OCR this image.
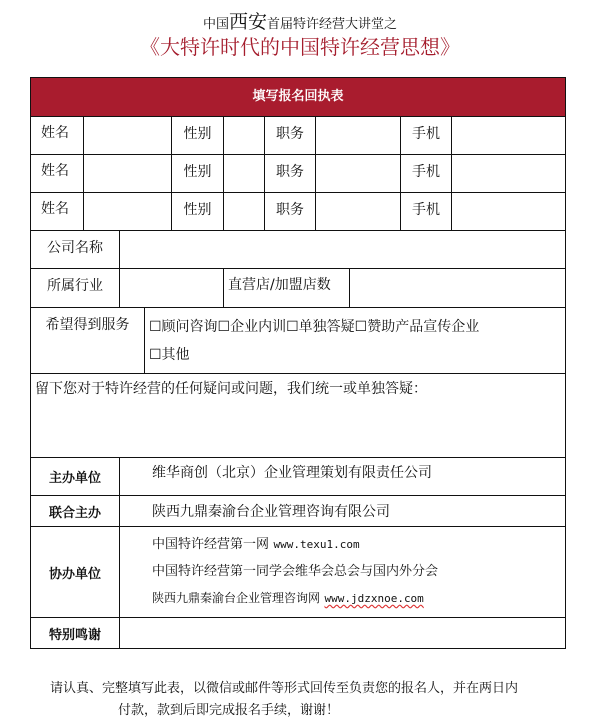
中国西安首届特许经营大讲堂之
《大特许时代的中国特许经营思想》
填写报名回执表
姓名	性别	职务	手机
姓名	性别	职务	手机
姓名	性别	职务	手机
公司名称
所属行业	直营店/加盟店数
希望得到服务	☐顾问咨询☐企业内训☐单独答疑☐赞助产品宣传企业
☐其他
留下您对于特许经营的任何疑问或问题，我们统一或单独答疑：
主办单位	维华商创（北京）企业管理策划有限责任公司
联合主办	陕西九鼎秦渝台企业管理咨询有限公司
协办单位
中国特许经营第一网 www.texu1.com
中国特许经营第一同学会维华会总会与国内外分会
陕西九鼎秦渝台企业管理咨询网 www.jdzxnoe.com
特别鸣谢
请认真、完整填写此表，以微信或邮件等形式回传至负责您的报名人，并在两日内
付款，款到后即完成报名手续，谢谢！
